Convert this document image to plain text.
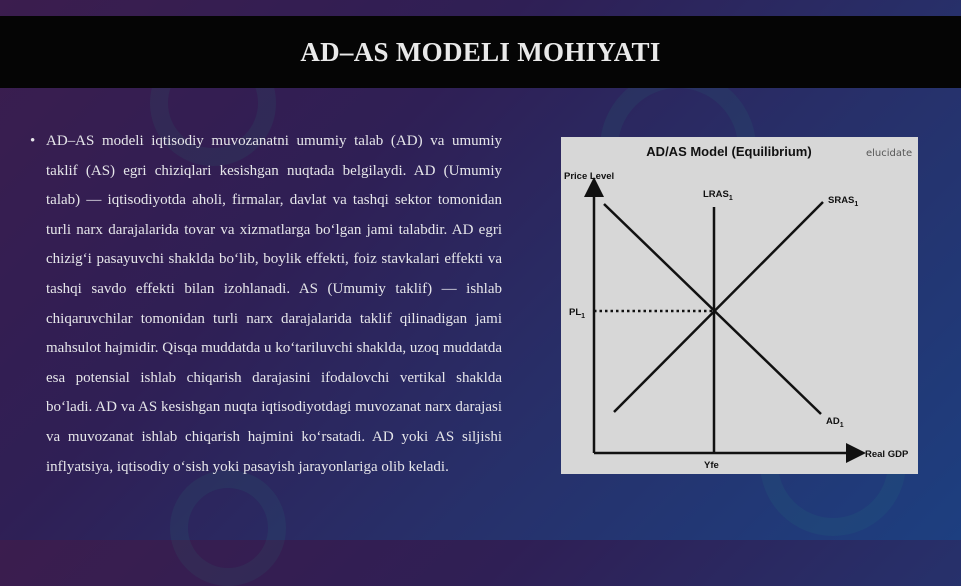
AD–AS MODELI MOHIYATI
• AD–AS modeli iqtisodiy muvozanatni umumiy talab (AD) va umumiy taklif (AS) egri chiziqlari kesishgan nuqtada belgilaydi. AD (Umumiy talab) — iqtisodiyotda aholi, firmalar, davlat va tashqi sektor tomonidan turli narx darajalarida tovar va xizmatlarga bo‘lgan jami talabdir. AD egri chizig‘i pasayuvchi shaklda bo‘lib, boylik effekti, foiz stavkalari effekti va tashqi savdo effekti bilan izohlanadi. AS (Umumiy taklif) — ishlab chiqaruvchilar tomonidan turli narx darajalarida taklif qilinadigan jami mahsulot hajmidir. Qisqa muddatda u ko‘tariluvchi shaklda, uzoq muddatda esa potensial ishlab chiqarish darajasini ifodalovchi vertikal shaklda bo‘ladi. AD va AS kesishgan nuqta iqtisodiyotdagi muvozanat narx darajasi va muvozanat ishlab chiqarish hajmini ko‘rsatadi. AD yoki AS siljishi inflyatsiya, iqtisodiy o‘sish yoki pasayish jarayonlariga olib keladi.

AD/AS Model (Equilibrium)	elucidate
Price Level
Real GDP
$LRAS_1$	$SRAS_1$
$AD_1$
$PL_1$
Yfe
